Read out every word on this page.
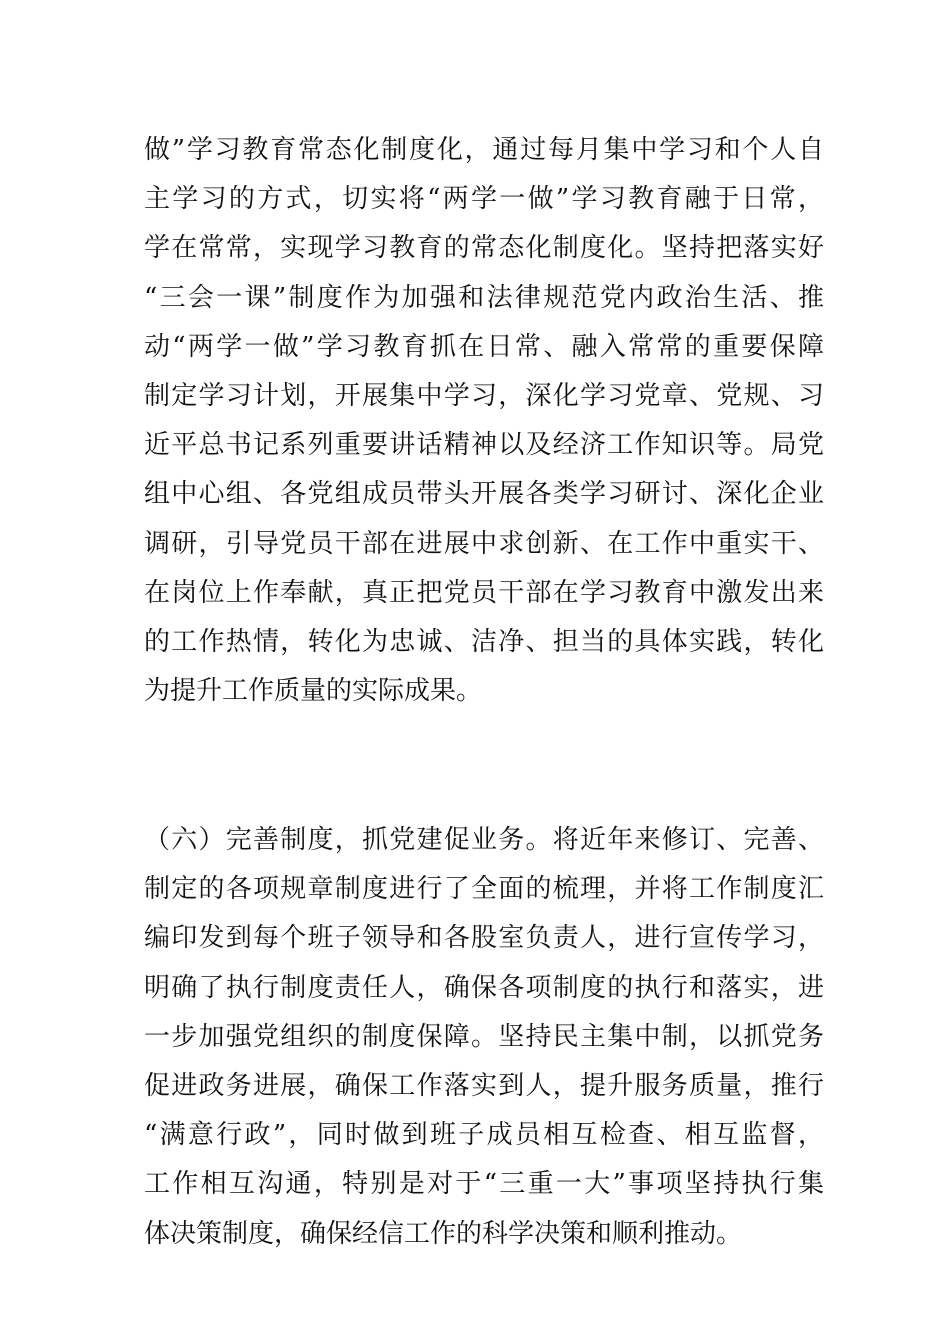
做”学习教育常态化制度化，通过每月集中学习和个人自
主学习的方式，切实将“两学一做”学习教育融于日常，
学在常常，实现学习教育的常态化制度化。坚持把落实好
“三会一课”制度作为加强和法律规范党内政治生活、推
动“两学一做”学习教育抓在日常、融入常常的重要保障
制定学习计划，开展集中学习，深化学习党章、党规、习
近平总书记系列重要讲话精神以及经济工作知识等。局党
组中心组、各党组成员带头开展各类学习研讨、深化企业
调研，引导党员干部在进展中求创新、在工作中重实干、
在岗位上作奉献，真正把党员干部在学习教育中激发出来
的工作热情，转化为忠诚、洁净、担当的具体实践，转化
为提升工作质量的实际成果。
（六）完善制度，抓党建促业务。将近年来修订、完善、
制定的各项规章制度进行了全面的梳理，并将工作制度汇
编印发到每个班子领导和各股室负责人，进行宣传学习，
明确了执行制度责任人，确保各项制度的执行和落实，进
一步加强党组织的制度保障。坚持民主集中制，以抓党务
促进政务进展，确保工作落实到人，提升服务质量，推行
“满意行政”，同时做到班子成员相互检查、相互监督，
工作相互沟通，特别是对于“三重一大”事项坚持执行集
体决策制度，确保经信工作的科学决策和顺利推动。
